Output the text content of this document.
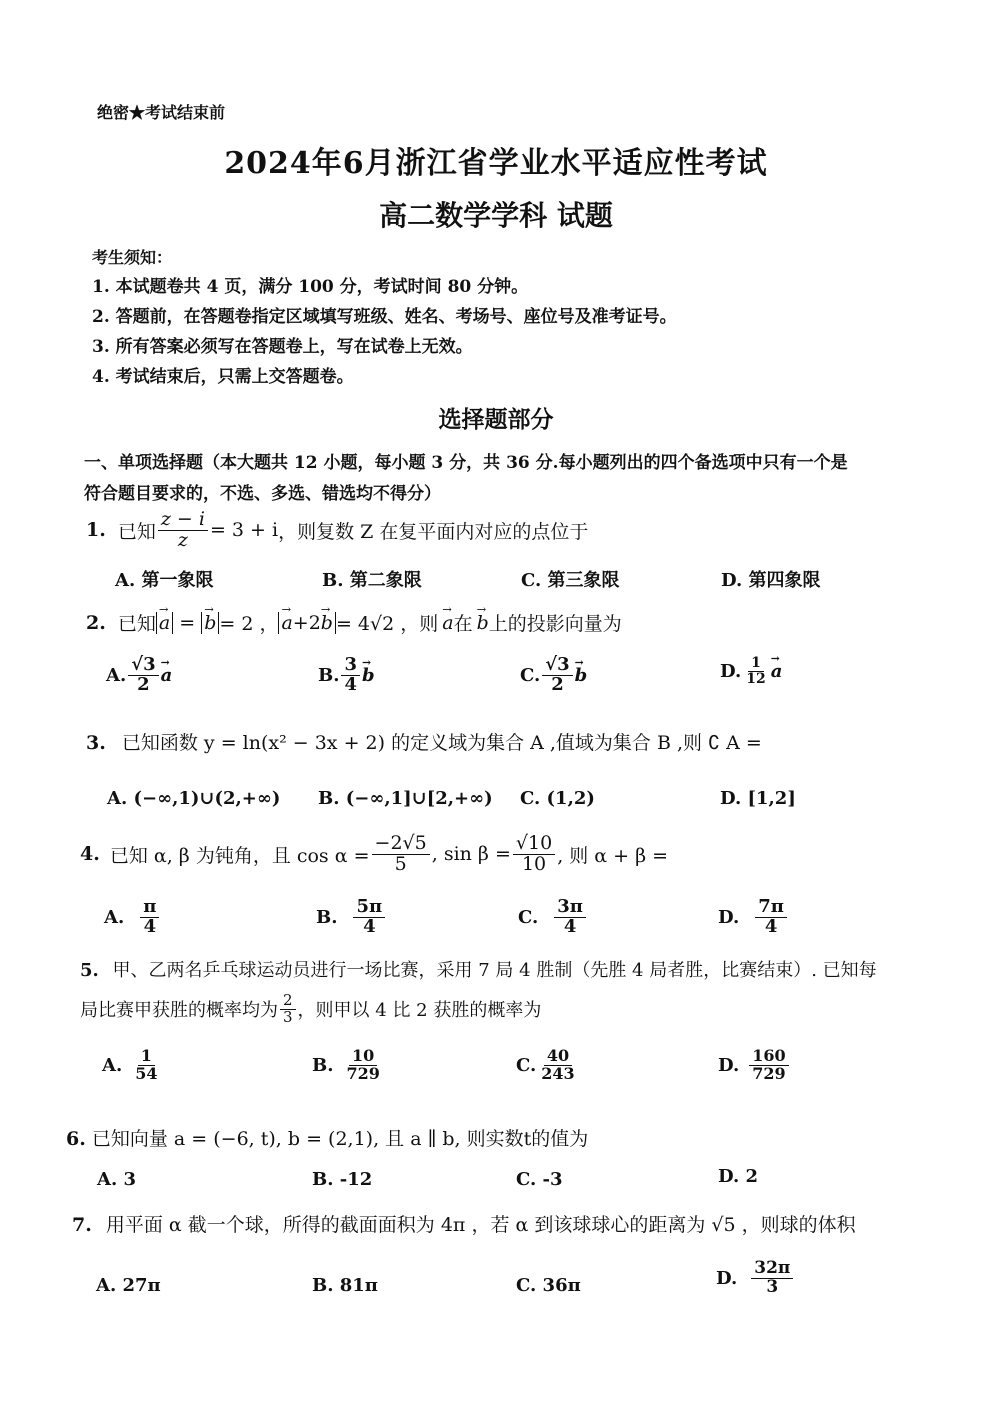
绝密★考试结束前
2024年6月浙江省学业水平适应性考试
高二数学学科 试题
考生须知：
1. 本试题卷共 4 页，满分 100 分，考试时间 80 分钟。
2. 答题前，在答题卷指定区域填写班级、姓名、考场号、座位号及准考证号。
3. 所有答案必须写在答题卷上，写在试卷上无效。
4. 考试结束后，只需上交答题卷。
选择题部分
一、单项选择题（本大题共 12 小题，每小题 3 分，共 36 分.每小题列出的四个备选项中只有一个是
符合题目要求的，不选、多选、错选均不得分）
1. 已知 $\frac{z - i}{z} = 3 + i$ ，则复数 Z 在复平面内对应的点位于
A. 第一象限	B. 第二象限	C. 第三象限	D. 第四象限
2. 已知
→ a =
→ b = 2 ，
→ a+2→ b = 4√2 ，则
→ a 在
→ b 上的投影向量为
A. $\frac{√3}{2}$
→ a	B. $\frac{3}{4}$
→ b	C. $\frac{√3}{2}$
→ b	D. $\frac{1}{12}$
→ a
3. 已知函数 y = ln(x² − 3x + 2) 的定义域为集合 A ,值域为集合 B ,则 ∁ A =
A. (−∞,1)∪(2,+∞) B. (−∞,1]∪[2,+∞) C. (1,2)	D. [1,2]
4. 已知 α, β 为钝角，且 $\cos \alpha = \frac{-2√5}{5}$ , $\sin \beta = \frac{√10}{10}$ , 则 α + β =
A. $\frac{\pi}{4}$	B. $\frac{5\pi}{4}$	C. $\frac{3\pi}{4}$	D. $\frac{7\pi}{4}$
5. 甲、乙两名乒乓球运动员进行一场比赛，采用 7 局 4 胜制（先胜 4 局者胜，比赛结束）. 已知每
局比赛甲获胜的概率均为 $\frac{2}{3}$ ，则甲以 4 比 2 获胜的概率为
A. $\frac{1}{54}$	B. $\frac{10}{729}$	C. $\frac{40}{243}$	D. $\frac{160}{729}$
6. 已知向量 a = (−6, t), b = (2,1), 且 a ∥ b, 则实数t的值为
A. 3	B. -12	C. -3	D. 2
7. 用平面 α 截一个球，所得的截面面积为 4π ，若 α 到该球球心的距离为 √5 ，则球的体积
A. 27π	B. 81π	C. 36π	D. $\frac{32\pi}{3}$
